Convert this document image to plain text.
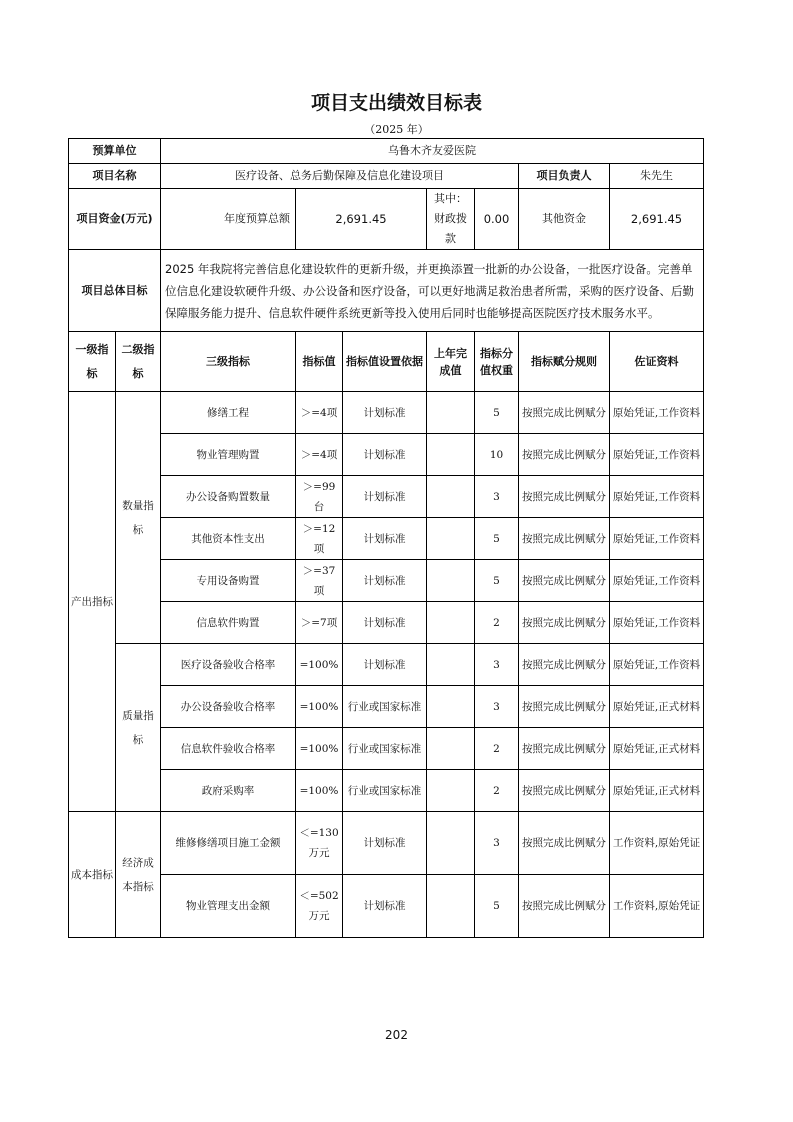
项目支出绩效目标表
（2025 年）
预算单位		乌鲁木齐友爱医院						
项目名称		医疗设备、总务后勤保障及信息化建设项目					项目负责人	朱先生
项目资金(万元)		年度预算总额	2,691.45		其中：财政拨款	0.00	其他资金	2,691.45
项目总体目标		2025 年我院将完善信息化建设软件的更新升级，并更换添置一批新的办公设备，一批医疗设备。完善单位信息化建设软硬件升级、办公设备和医疗设备，可以更好地满足救治患者所需，采购的医疗设备、后勤保障服务能力提升、信息软件硬件系统更新等投入使用后同时也能够提高医院医疗技术服务水平。						
一级指标	二级指标	三级指标	指标值	指标值设置依据	上年完成值	指标分值权重	指标赋分规则	佐证资料
产出指标	数量指标	修缮工程	＞=4项	计划标准		5	按照完成比例赋分	原始凭证,工作资料
		物业管理购置	＞=4项	计划标准		10	按照完成比例赋分	原始凭证,工作资料
		办公设备购置数量	＞=99台	计划标准		3	按照完成比例赋分	原始凭证,工作资料
		其他资本性支出	＞=12项	计划标准		5	按照完成比例赋分	原始凭证,工作资料
		专用设备购置	＞=37项	计划标准		5	按照完成比例赋分	原始凭证,工作资料
		信息软件购置	＞=7项	计划标准		2	按照完成比例赋分	原始凭证,工作资料
	质量指标	医疗设备验收合格率	=100%	计划标准		3	按照完成比例赋分	原始凭证,工作资料
		办公设备验收合格率	=100%	行业或国家标准		3	按照完成比例赋分	原始凭证,正式材料
		信息软件验收合格率	=100%	行业或国家标准		2	按照完成比例赋分	原始凭证,正式材料
		政府采购率	=100%	行业或国家标准		2	按照完成比例赋分	原始凭证,正式材料
成本指标	经济成本指标	维修修缮项目施工金额	＜=130万元	计划标准		3	按照完成比例赋分	工作资料,原始凭证
		物业管理支出金额	＜=502万元	计划标准		5	按照完成比例赋分	工作资料,原始凭证
202
